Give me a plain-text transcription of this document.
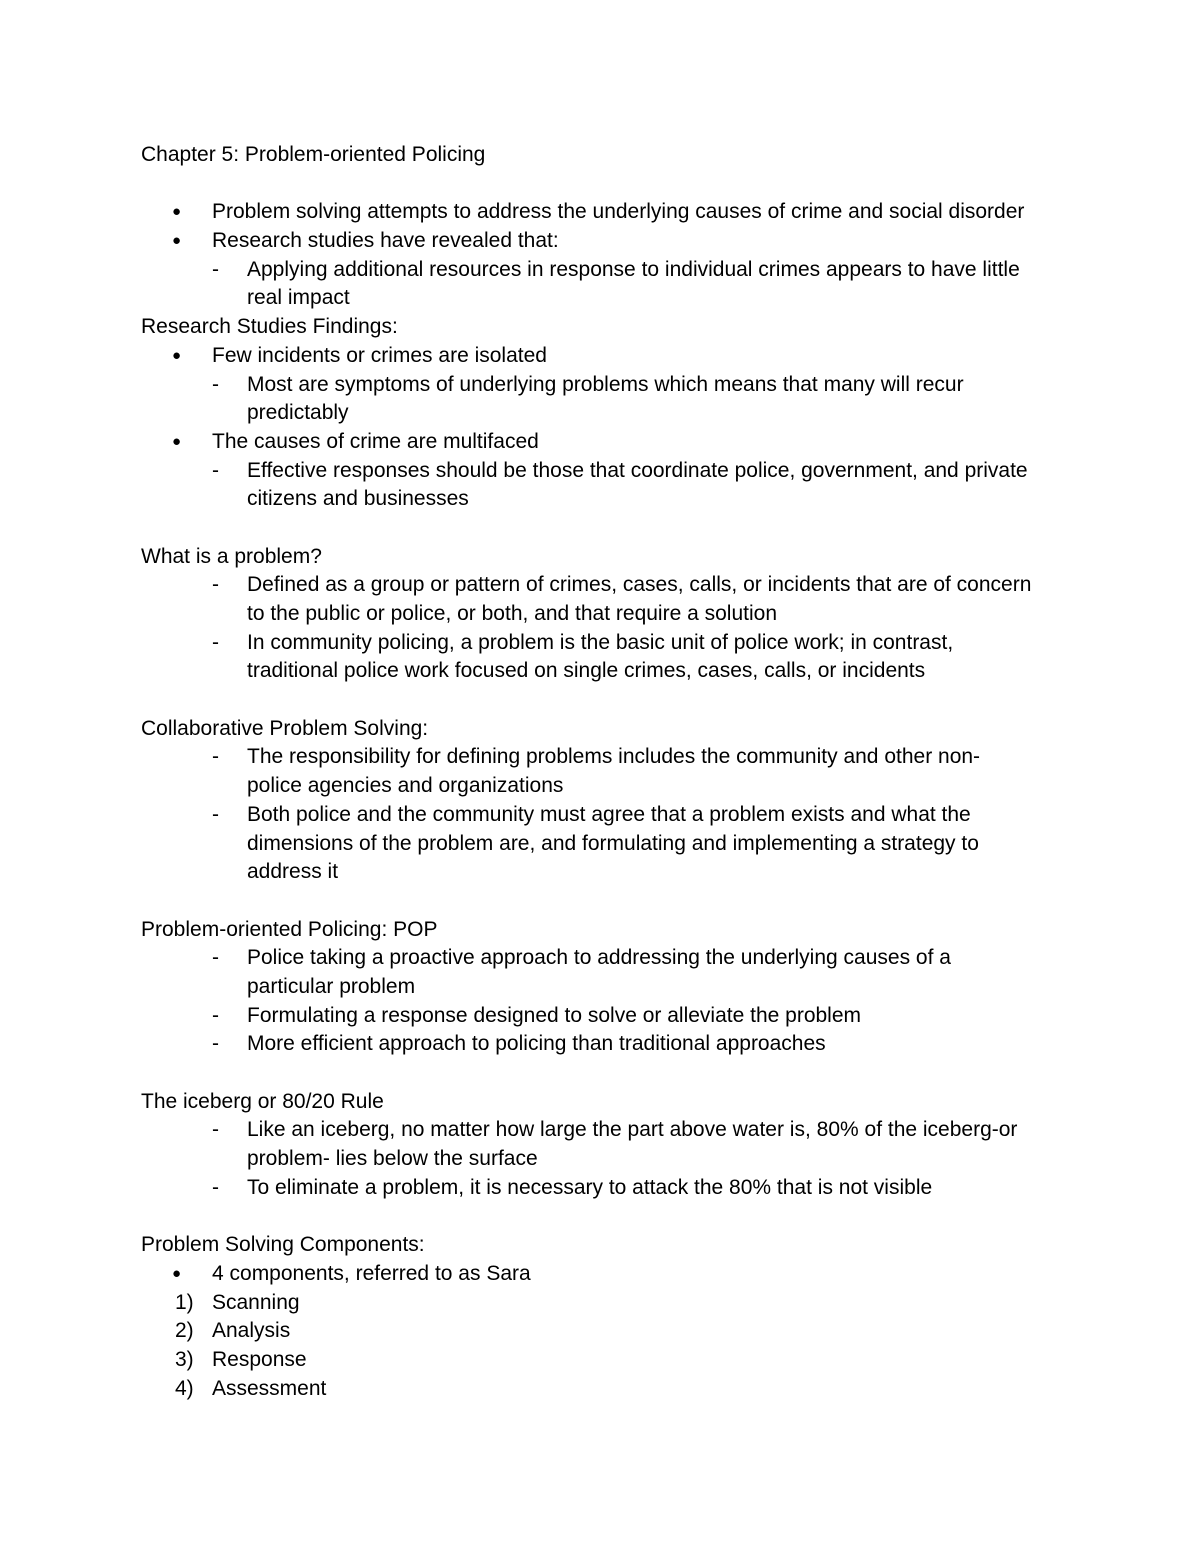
Chapter 5: Problem-oriented Policing
● Problem solving attempts to address the underlying causes of crime and social disorder
● Research studies have revealed that:
- Applying additional resources in response to individual crimes appears to have little
real impact
Research Studies Findings:
● Few incidents or crimes are isolated
- Most are symptoms of underlying problems which means that many will recur
predictably
● The causes of crime are multifaced
- Effective responses should be those that coordinate police, government, and private
citizens and businesses
What is a problem?
- Defined as a group or pattern of crimes, cases, calls, or incidents that are of concern
to the public or police, or both, and that require a solution
- In community policing, a problem is the basic unit of police work; in contrast,
traditional police work focused on single crimes, cases, calls, or incidents
Collaborative Problem Solving:
- The responsibility for defining problems includes the community and other non-
police agencies and organizations
- Both police and the community must agree that a problem exists and what the
dimensions of the problem are, and formulating and implementing a strategy to
address it
Problem-oriented Policing: POP
- Police taking a proactive approach to addressing the underlying causes of a
particular problem
- Formulating a response designed to solve or alleviate the problem
- More efficient approach to policing than traditional approaches
The iceberg or 80/20 Rule
- Like an iceberg, no matter how large the part above water is, 80% of the iceberg-or
problem- lies below the surface
- To eliminate a problem, it is necessary to attack the 80% that is not visible
Problem Solving Components:
● 4 components, referred to as Sara
1) Scanning
2) Analysis
3) Response
4) Assessment
